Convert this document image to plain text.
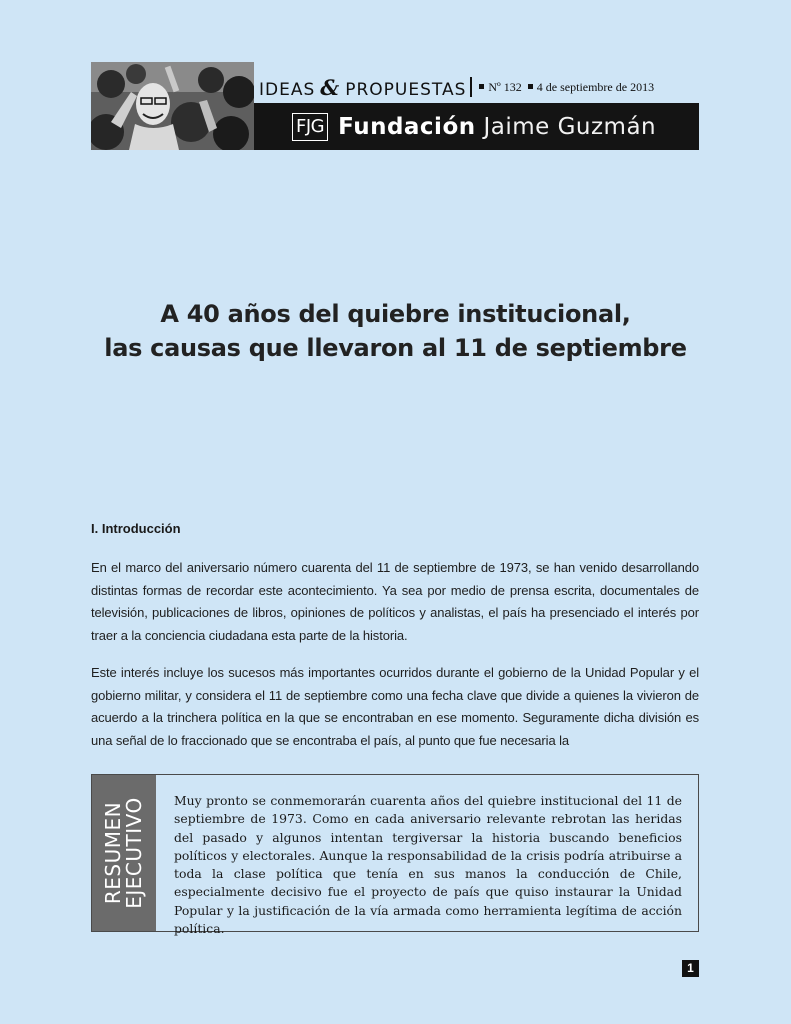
IDEAS & PROPUESTAS	Nº 132 4 de septiembre de 2013
FJG Fundación Jaime Guzmán
A 40 años del quiebre institucional,
las causas que llevaron al 11 de septiembre
I. Introducción

En el marco del aniversario número cuarenta del 11 de septiembre de 1973, se han venido desarrollando distintas formas de recordar este acontecimiento. Ya sea por medio de prensa escrita, documentales de televisión, publicaciones de libros, opiniones de políticos y analistas, el país ha presenciado el interés por traer a la conciencia ciudadana esta parte de la historia.

Este interés incluye los sucesos más importantes ocurridos durante el gobierno de la Unidad Popular y el gobierno militar, y considera el 11 de septiembre como una fecha clave que divide a quienes la vivieron de acuerdo a la trinchera política en la que se encontraban en ese momento. Seguramente dicha división es una señal de lo fraccionado que se encontraba el país, al punto que fue necesaria la

RESUMEN
EJECUTIVO Muy pronto se conmemorarán cuarenta años del quiebre institucional del 11 de septiembre de 1973. Como en cada aniversario relevante rebrotan las heridas del pasado y algunos intentan tergiversar la historia buscando beneficios políticos y electorales. Aunque la responsabilidad de la crisis podría atribuirse a toda la clase política que tenía en sus manos la conducción de Chile, especialmente decisivo fue el proyecto de país que quiso instaurar la Unidad Popular y la justificación de la vía armada como herramienta legítima de acción política.

1
